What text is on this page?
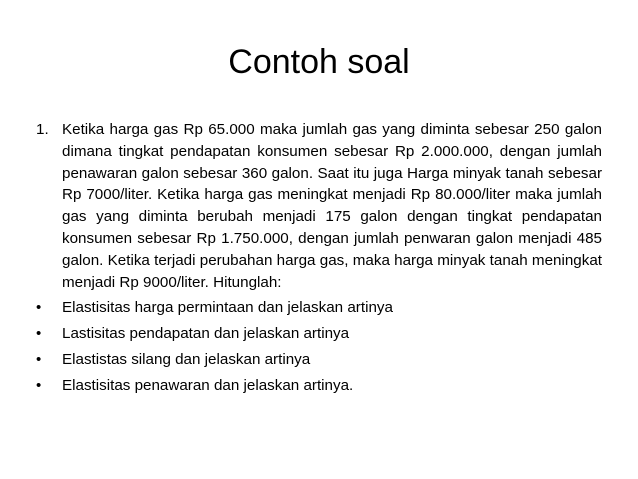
Contoh soal

1. Ketika harga gas Rp 65.000 maka jumlah gas yang diminta sebesar 250 galon dimana tingkat pendapatan konsumen sebesar Rp 2.000.000, dengan jumlah penawaran galon sebesar 360 galon. Saat itu juga Harga minyak tanah sebesar Rp 7000/liter. Ketika harga gas meningkat menjadi Rp 80.000/liter maka jumlah gas yang diminta berubah menjadi 175 galon dengan tingkat pendapatan konsumen sebesar Rp 1.750.000, dengan jumlah penwaran galon menjadi 485 galon. Ketika terjadi perubahan harga gas, maka harga minyak tanah meningkat menjadi Rp 9000/liter. Hitunglah:

• Elastisitas harga permintaan dan jelaskan artinya
• Lastisitas pendapatan dan jelaskan artinya
• Elastistas silang dan jelaskan artinya
• Elastisitas penawaran dan jelaskan artinya.
